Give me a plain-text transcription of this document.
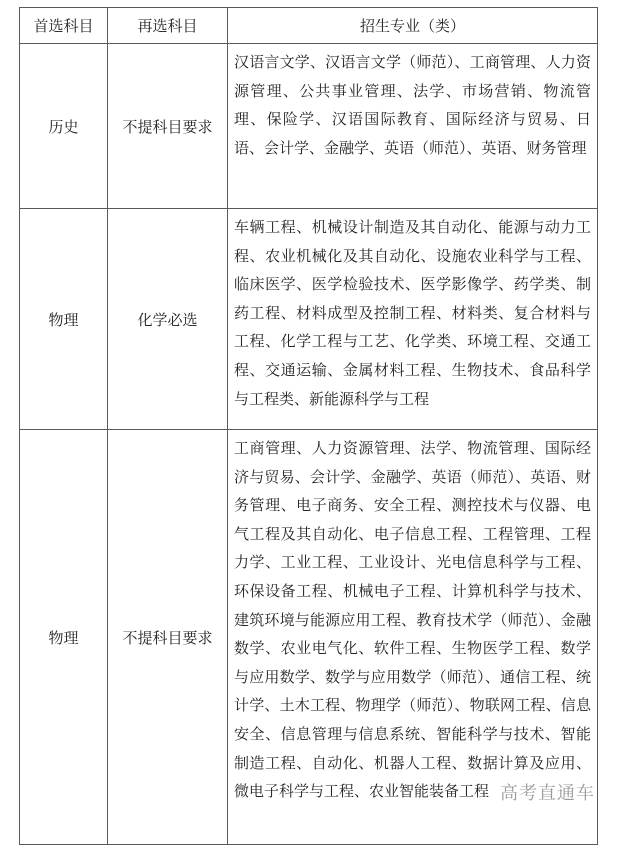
首选科目	再选科目	招生专业（类）
历史	不提科目要求	汉语言文学、汉语言文学（师范）、工商管理、人力资源管理、公共事业管理、法学、市场营销、物流管理、保险学、汉语国际教育、国际经济与贸易、日语、会计学、金融学、英语（师范）、英语、财务管理
物理	化学必选	车辆工程、机械设计制造及其自动化、能源与动力工程、农业机械化及其自动化、设施农业科学与工程、临床医学、医学检验技术、医学影像学、药学类、制药工程、材料成型及控制工程、材料类、复合材料与工程、化学工程与工艺、化学类、环境工程、交通工程、交通运输、金属材料工程、生物技术、食品科学与工程类、新能源科学与工程
物理	不提科目要求	工商管理、人力资源管理、法学、物流管理、国际经济与贸易、会计学、金融学、英语（师范）、英语、财务管理、电子商务、安全工程、测控技术与仪器、电气工程及其自动化、电子信息工程、工程管理、工程力学、工业工程、工业设计、光电信息科学与工程、环保设备工程、机械电子工程、计算机科学与技术、建筑环境与能源应用工程、教育技术学（师范）、金融数学、农业电气化、软件工程、生物医学工程、数学与应用数学、数学与应用数学（师范）、通信工程、统计学、土木工程、物理学（师范）、物联网工程、信息安全、信息管理与信息系统、智能科学与技术、智能制造工程、自动化、机器人工程、数据计算及应用、微电子科学与工程、农业智能装备工程 高考直通车
